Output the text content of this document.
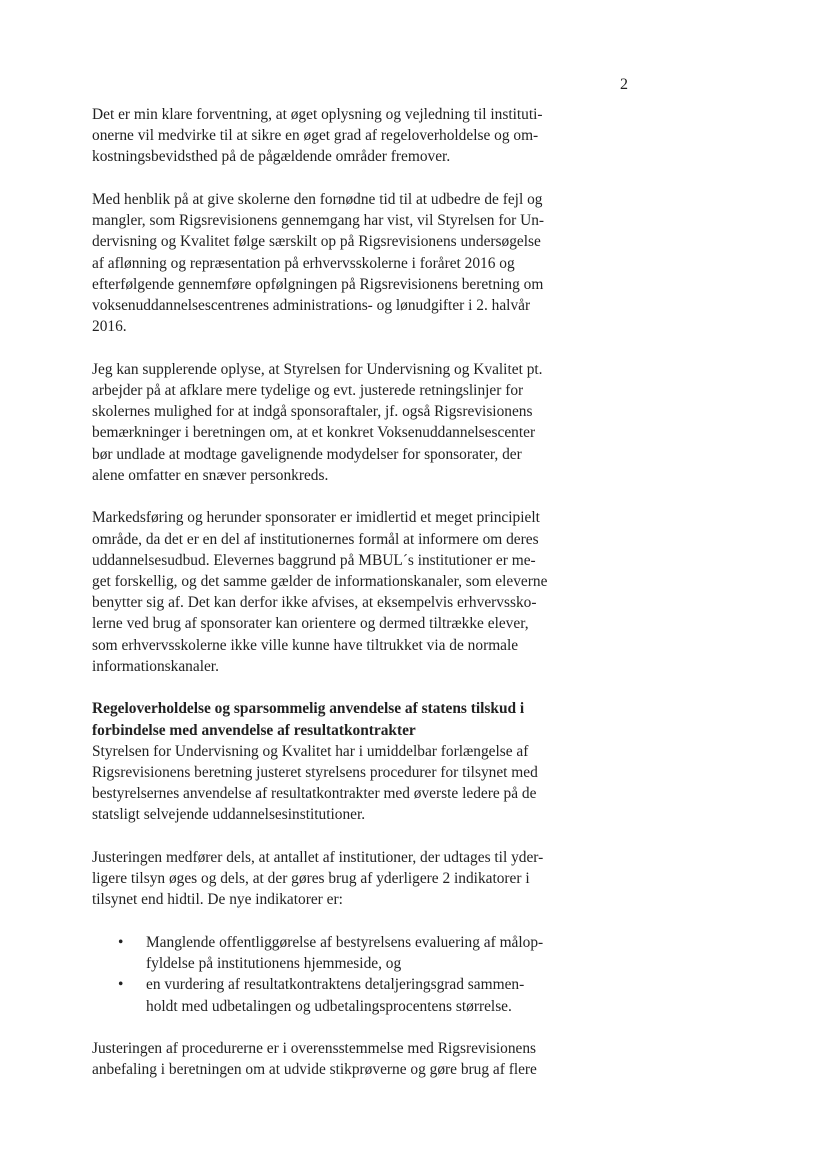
2

Det er min klare forventning, at øget oplysning og vejledning til instituti-
onerne vil medvirke til at sikre en øget grad af regeloverholdelse og om-
kostningsbevidsthed på de pågældende områder fremover.

Med henblik på at give skolerne den fornødne tid til at udbedre de fejl og
mangler, som Rigsrevisionens gennemgang har vist, vil Styrelsen for Un-
dervisning og Kvalitet følge særskilt op på Rigsrevisionens undersøgelse
af aflønning og repræsentation på erhvervsskolerne i foråret 2016 og
efterfølgende gennemføre opfølgningen på Rigsrevisionens beretning om
voksenuddannelsescentrenes administrations- og lønudgifter i 2. halvår
2016.

Jeg kan supplerende oplyse, at Styrelsen for Undervisning og Kvalitet pt.
arbejder på at afklare mere tydelige og evt. justerede retningslinjer for
skolernes mulighed for at indgå sponsoraftaler, jf. også Rigsrevisionens
bemærkninger i beretningen om, at et konkret Voksenuddannelsescenter
bør undlade at modtage gavelignende modydelser for sponsorater, der
alene omfatter en snæver personkreds.

Markedsføring og herunder sponsorater er imidlertid et meget principielt
område, da det er en del af institutionernes formål at informere om deres
uddannelsesudbud. Elevernes baggrund på MBUL´s institutioner er me-
get forskellig, og det samme gælder de informationskanaler, som eleverne
benytter sig af. Det kan derfor ikke afvises, at eksempelvis erhvervssko-
lerne ved brug af sponsorater kan orientere og dermed tiltrække elever,
som erhvervsskolerne ikke ville kunne have tiltrukket via de normale
informationskanaler.

Regeloverholdelse og sparsommelig anvendelse af statens tilskud i
forbindelse med anvendelse af resultatkontrakter

Styrelsen for Undervisning og Kvalitet har i umiddelbar forlængelse af
Rigsrevisionens beretning justeret styrelsens procedurer for tilsynet med
bestyrelsernes anvendelse af resultatkontrakter med øverste ledere på de
statsligt selvejende uddannelsesinstitutioner.

Justeringen medfører dels, at antallet af institutioner, der udtages til yder-
ligere tilsyn øges og dels, at der gøres brug af yderligere 2 indikatorer i
tilsynet end hidtil. De nye indikatorer er:

• Manglende offentliggørelse af bestyrelsens evaluering af målop-
fyldelse på institutionens hjemmeside, og
• en vurdering af resultatkontraktens detaljeringsgrad sammen-
holdt med udbetalingen og udbetalingsprocentens størrelse.

Justeringen af procedurerne er i overensstemmelse med Rigsrevisionens
anbefaling i beretningen om at udvide stikprøverne og gøre brug af flere
